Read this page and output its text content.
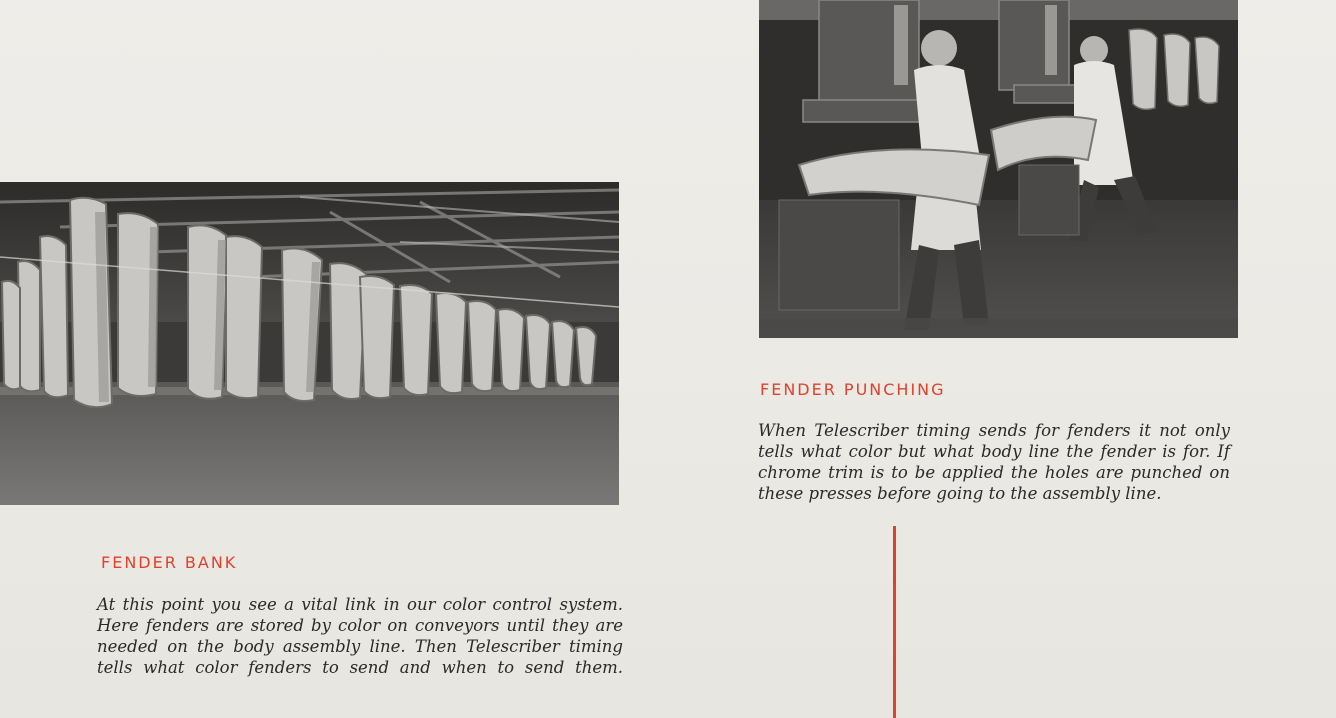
FENDER PUNCHING

When Telescriber timing sends for fenders it not only
tells what color but what body line the fender is for. If
chrome trim is to be applied the holes are punched on
these presses before going to the assembly line.

FENDER BANK

At this point you see a vital link in our color control system.
Here fenders are stored by color on conveyors until they are
needed on the body assembly line. Then Telescriber timing
tells what color fenders to send and when to send them.
